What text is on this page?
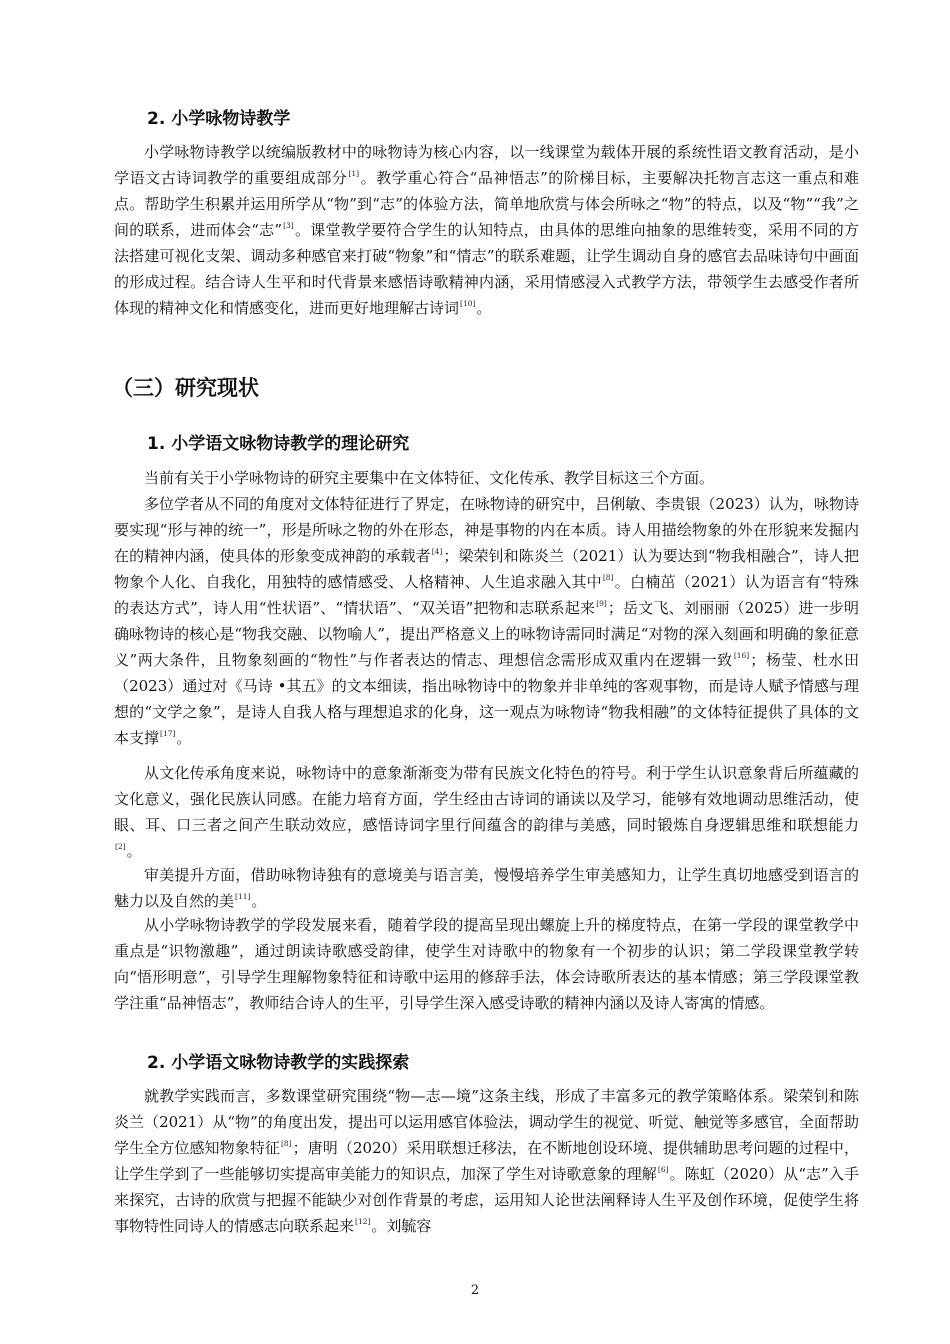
2. 小学咏物诗教学

小学咏物诗教学以统编版教材中的咏物诗为核心内容，以一线课堂为载体开展的系统性语文教育活动，是小学语文古诗词教学的重要组成部分[1]。教学重心符合“品神悟志”的阶梯目标，主要解决托物言志这一重点和难点。帮助学生积累并运用所学从“物”到“志”的体验方法，简单地欣赏与体会所咏之“物”的特点，以及“物”“我”之间的联系，进而体会“志”[3]。课堂教学要符合学生的认知特点，由具体的思维向抽象的思维转变，采用不同的方法搭建可视化支架、调动多种感官来打破“物象”和“情志”的联系难题，让学生调动自身的感官去品味诗句中画面的形成过程。结合诗人生平和时代背景来感悟诗歌精神内涵，采用情感浸入式教学方法，带领学生去感受作者所体现的精神文化和情感变化，进而更好地理解古诗词[10]。

（三）研究现状
1. 小学语文咏物诗教学的理论研究

当前有关于小学咏物诗的研究主要集中在文体特征、文化传承、教学目标这三个方面。

多位学者从不同的角度对文体特征进行了界定，在咏物诗的研究中，吕俐敏、李贵银（2023）认为，咏物诗要实现“形与神的统一”，形是所咏之物的外在形态，神是事物的内在本质。诗人用描绘物象的外在形貌来发掘内在的精神内涵，使具体的形象变成神韵的承载者[4]；梁荣钊和陈炎兰（2021）认为要达到“物我相融合”，诗人把物象个人化、自我化，用独特的感情感受、人格精神、人生追求融入其中[8]。白楠茁（2021）认为语言有“特殊的表达方式”，诗人用“性状语”、“情状语”、“双关语”把物和志联系起来[9]；岳文飞、刘丽丽（2025）进一步明确咏物诗的核心是“物我交融、以物喻人”，提出严格意义上的咏物诗需同时满足“对物的深入刻画和明确的象征意义”两大条件，且物象刻画的“物性”与作者表达的情志、理想信念需形成双重内在逻辑一致[16]；杨莹、杜水田（2023）通过对《马诗 •其五》的文本细读，指出咏物诗中的物象并非单纯的客观事物，而是诗人赋予情感与理想的“文学之象”，是诗人自我人格与理想追求的化身，这一观点为咏物诗“物我相融”的文体特征提供了具体的文本支撑[17]。

从文化传承角度来说，咏物诗中的意象渐渐变为带有民族文化特色的符号。利于学生认识意象背后所蕴藏的文化意义，强化民族认同感。在能力培育方面，学生经由古诗词的诵读以及学习，能够有效地调动思维活动，使眼、耳、口三者之间产生联动效应，感悟诗词字里行间蕴含的韵律与美感，同时锻炼自身逻辑思维和联想能力[2]。

审美提升方面，借助咏物诗独有的意境美与语言美，慢慢培养学生审美感知力，让学生真切地感受到语言的魅力以及自然的美[11]。

从小学咏物诗教学的学段发展来看，随着学段的提高呈现出螺旋上升的梯度特点，在第一学段的课堂教学中重点是“识物激趣”，通过朗读诗歌感受韵律，使学生对诗歌中的物象有一个初步的认识；第二学段课堂教学转向“悟形明意”，引导学生理解物象特征和诗歌中运用的修辞手法，体会诗歌所表达的基本情感；第三学段课堂教学注重“品神悟志”，教师结合诗人的生平，引导学生深入感受诗歌的精神内涵以及诗人寄寓的情感。

2. 小学语文咏物诗教学的实践探索

就教学实践而言，多数课堂研究围绕“物—志—境”这条主线，形成了丰富多元的教学策略体系。梁荣钊和陈炎兰（2021）从“物”的角度出发，提出可以运用感官体验法，调动学生的视觉、听觉、触觉等多感官，全面帮助学生全方位感知物象特征[8]；唐明（2020）采用联想迁移法，在不断地创设环境、提供辅助思考问题的过程中，让学生学到了一些能够切实提高审美能力的知识点，加深了学生对诗歌意象的理解[6]。陈虹（2020）从“志”入手来探究，古诗的欣赏与把握不能缺少对创作背景的考虑，运用知人论世法阐释诗人生平及创作环境，促使学生将事物特性同诗人的情感志向联系起来[12]。刘毓容

2
